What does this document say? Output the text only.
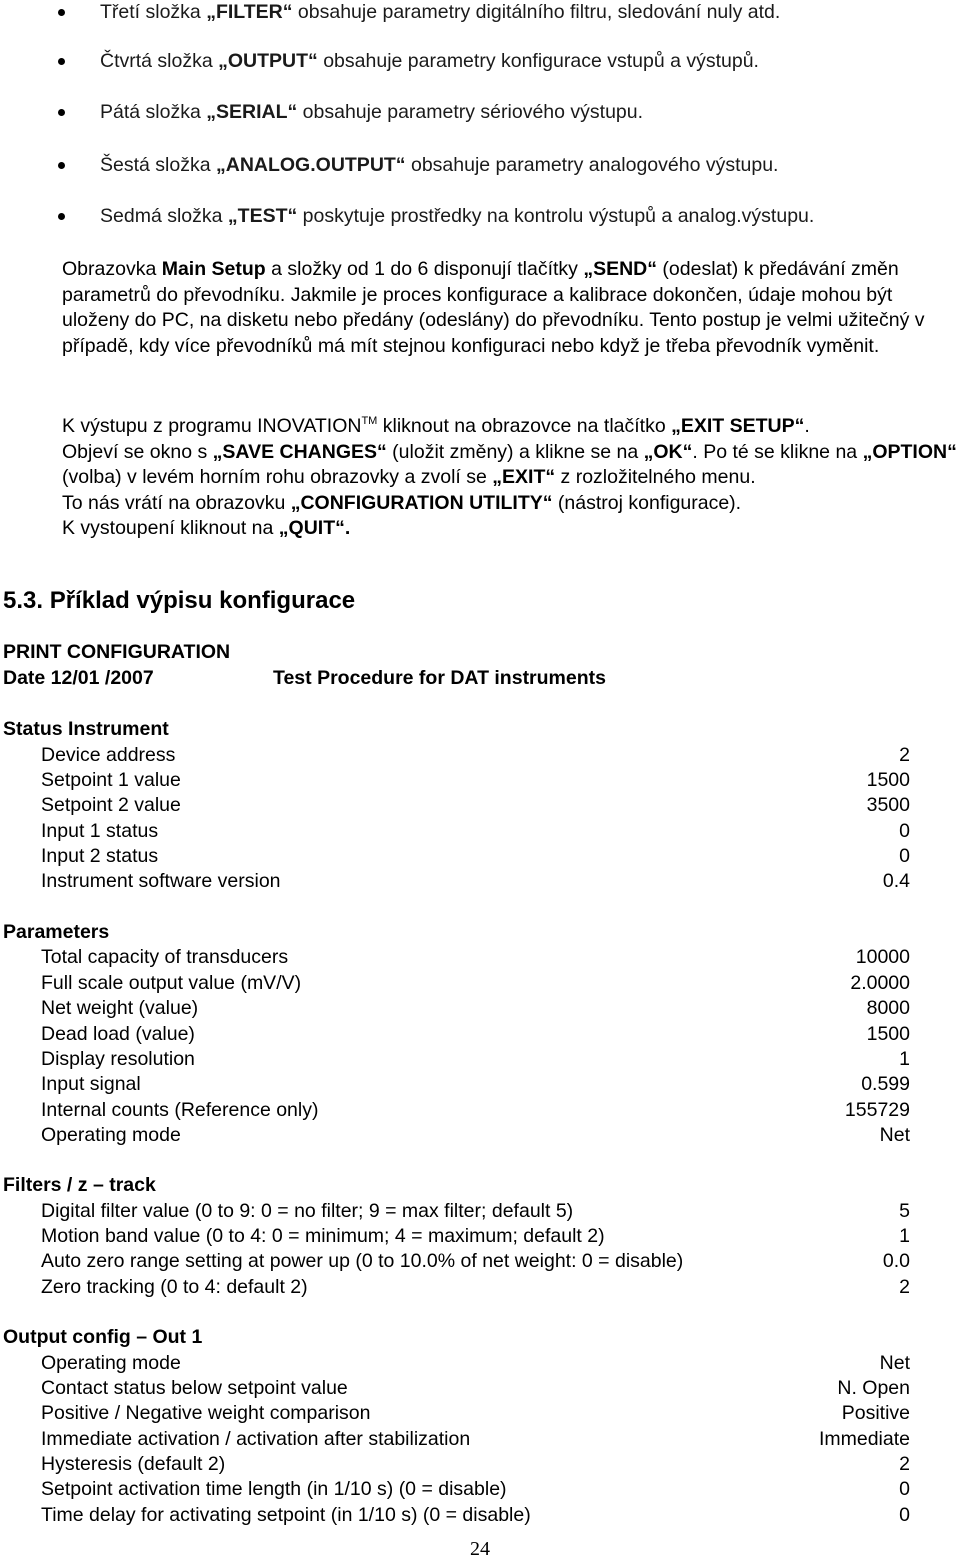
Třetí složka „FILTER“ obsahuje parametry digitálního filtru, sledování nuly atd.
Čtvrtá složka „OUTPUT“ obsahuje parametry konfigurace vstupů a výstupů.
Pátá složka „SERIAL“ obsahuje parametry sériového výstupu.
Šestá složka „ANALOG.OUTPUT“ obsahuje parametry analogového výstupu.
Sedmá složka „TEST“ poskytuje prostředky na kontrolu výstupů a analog.výstupu.

Obrazovka Main Setup a složky od 1 do 6 disponují tlačítky „SEND“ (odeslat) k předávání změn parametrů do převodníku. Jakmile je proces konfigurace a kalibrace dokončen, údaje mohou být uloženy do PC, na disketu nebo předány (odeslány) do převodníku. Tento postup je velmi užitečný v případě, kdy více převodníků má mít stejnou konfiguraci nebo když je třeba převodník vyměnit.

K výstupu z programu INOVATION™ kliknout na obrazovce na tlačítko „EXIT SETUP“.
Objeví se okno s „SAVE CHANGES“ (uložit změny) a klikne se na „OK“. Po té se klikne na „OPTION“ (volba) v levém horním rohu obrazovky a zvolí se „EXIT“ z rozložitelného menu.
To nás vrátí na obrazovku „CONFIGURATION UTILITY“ (nástroj konfigurace).
K vystoupení kliknout na „QUIT“.

5.3. Příklad výpisu konfigurace
PRINT CONFIGURATION
Date 12/01 /2007	Test Procedure for DAT instruments
Status Instrument
Device address	2
Setpoint 1 value	1500
Setpoint 2 value	3500
Input 1 status	0
Input 2 status	0
Instrument software version	0.4
Parameters
Total capacity of transducers	10000
Full scale output value (mV/V)	2.0000
Net weight (value)	8000
Dead load (value)	1500
Display resolution	1
Input signal	0.599
Internal counts (Reference only)	155729
Operating mode	Net
Filters / z – track
Digital filter value (0 to 9: 0 = no filter; 9 = max filter; default 5)	5
Motion band value (0 to 4: 0 = minimum; 4 = maximum; default 2)	1
Auto zero range setting at power up (0 to 10.0% of net weight: 0 = disable)	0.0
Zero tracking (0 to 4: default 2)	2
Output config – Out 1
Operating mode	Net
Contact status below setpoint value	N. Open
Positive / Negative weight comparison	Positive
Immediate activation / activation after stabilization	Immediate
Hysteresis (default 2)	2
Setpoint activation time length (in 1/10 s) (0 = disable)	0
Time delay for activating setpoint (in 1/10 s) (0 = disable)	0
24
